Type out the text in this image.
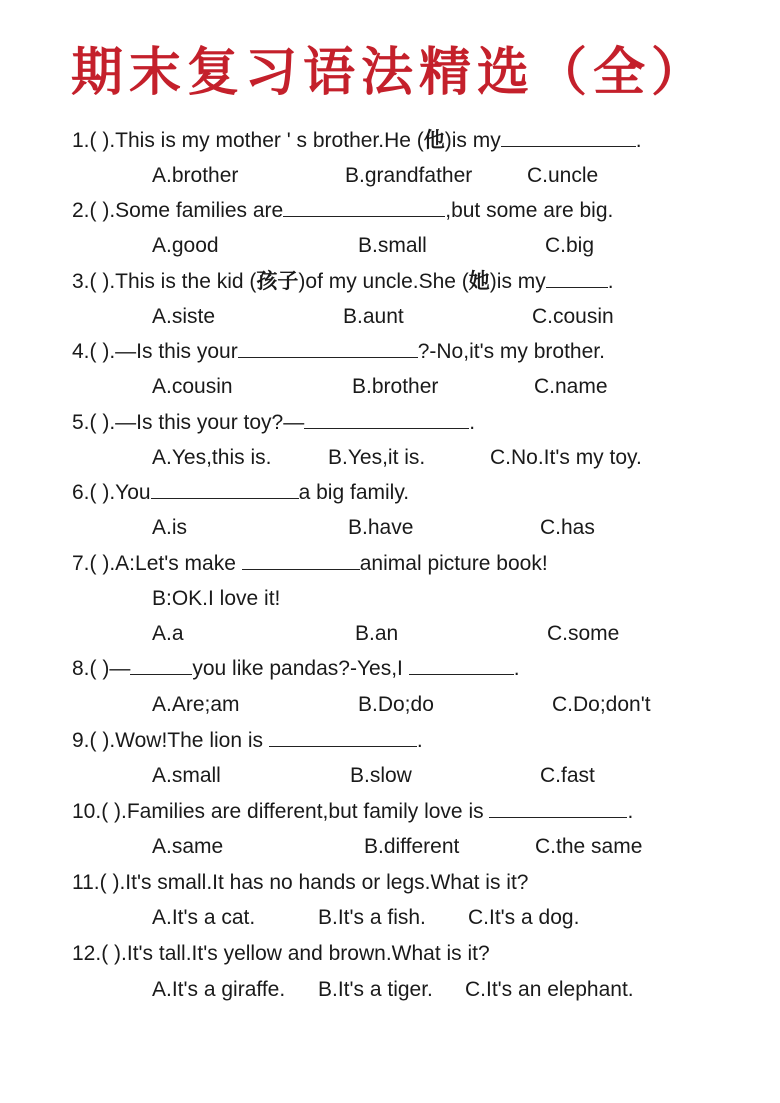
期末复习语法精选（全）
1.( ).This is my mother ' s brother.He (他)is my	.
A.brother	B.grandfather	C.uncle
2.( ).Some families are	,but some are big.
A.good	B.small	C.big
3.( ).This is the kid (孩子)of my uncle.She (她)is my	.
A.siste	B.aunt	C.cousin
4.( ).—Is this your	?-No,it's my brother.
A.cousin	B.brother	C.name
5.( ).—Is this your toy?—	.
A.Yes,this is.	B.Yes,it is.	C.No.It's my toy.
6.( ).You	a big family.
A.is	B.have	C.has
7.( ).A:Let's make	animal picture book!
B:OK.I love it!
A.a	B.an	C.some
8.( )—	you like pandas?-Yes,I	.
A.Are;am	B.Do;do	C.Do;don't
9.( ).Wow!The lion is	.
A.small	B.slow	C.fast
10.( ).Families are different,but family love is	.
A.same	B.different	C.the same
11.( ).It's small.It has no hands or legs.What is it?
A.It's a cat.	B.It's a fish. C.It's a dog.
12.( ).It's tall.It's yellow and brown.What is it?
A.It's a giraffe. B.It's a tiger. C.It's an elephant.
